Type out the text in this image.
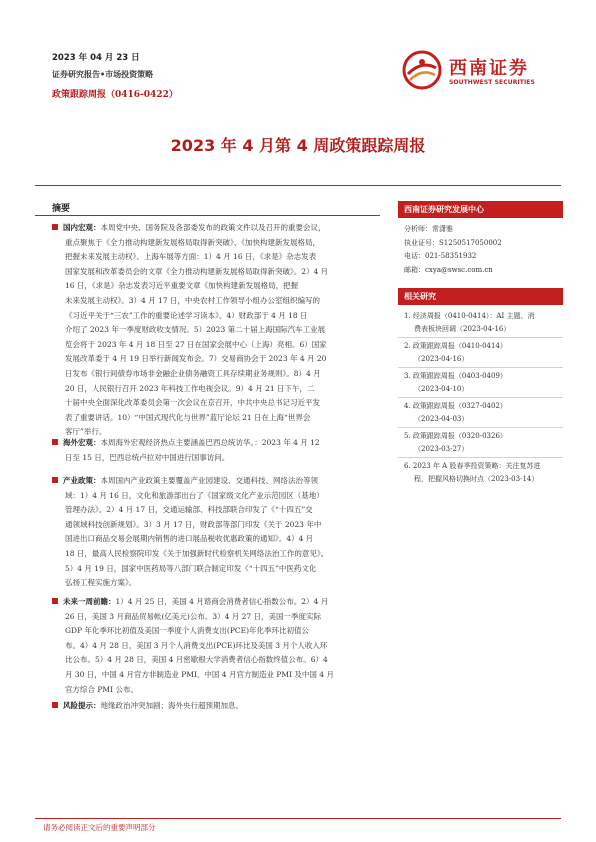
2023 年 04 月 23 日
证券研究报告•市场投资策略
政策跟踪周报（0416-0422）
西南证券
SOUTHWEST SECURITIES
2023 年 4 月第 4 周政策跟踪周报
摘要
国内宏观：本周党中央、国务院及各部委发布的政策文件以及召开的重要会议，
重点聚焦于《全力推动构建新发展格局取得新突破》、《加快构建新发展格局，
把握未来发展主动权》、上海车展等方面：1）4 月 16 日，《求是》杂志发表
国家发展和改革委员会的文章《全力推动构建新发展格局取得新突破》。2）4 月
16 日，《求是》杂志发表习近平重要文章《加快构建新发展格局，把握
未来发展主动权》。3）4 月 17 日，中央农村工作领导小组办公室组织编写的
《习近平关于“三农”工作的重要论述学习读本》。4）财政部于 4 月 18 日
介绍了 2023 年一季度财政收支情况。5）2023 第二十届上海国际汽车工业展
览会将于 2023 年 4 月 18 日至 27 日在国家会展中心（上海）亮相。6）国家
发展改革委于 4 月 19 日举行新闻发布会。7）交易商协会于 2023 年 4 月 20
日发布《银行间债券市场非金融企业债务融资工具存续期业务规则》。8）4 月
20 日，人民银行召开 2023 年科技工作电视会议。9）4 月 21 日下午，二
十届中央全面深化改革委员会第一次会议在京召开，中共中央总书记习近平发
表了重要讲话。10）“中国式现代化与世界”蓝厅论坛 21 日在上海“世界会
客厅”举行。
海外宏观：本周海外宏观经济热点主要涵盖巴西总统访华。：2023 年 4 月 12
日至 15 日，巴西总统卢拉对中国进行国事访问。
产业政策：本周国内产业政策主要覆盖产业园建设、交通科技、网络法治等领
域：1）4 月 16 日，文化和旅游部出台了《国家级文化产业示范园区（基地）
管理办法》。2）4 月 17 日，交通运输部、科技部联合印发了《“十四五”交
通领域科技创新规划》。3）3 月 17 日，财政部等部门印发《关于 2023 年中
国进出口商品交易会展期内销售的进口展品税收优惠政策的通知》。4）4 月
18 日，最高人民检察院印发《关于加强新时代检察机关网络法治工作的意见》。
5）4 月 19 日，国家中医药局等八部门联合制定印发《“十四五”中医药文化
弘扬工程实施方案》。
未来一周前瞻：1）4 月 25 日，美国 4 月谘商会消费者信心指数公布。2）4 月
26 日，美国 3 月商品贸易帐(亿美元)公布。3）4 月 27 日，美国一季度实际
GDP 年化季环比初值及美国一季度个人消费支出(PCE)年化季环比初值公
布。4）4 月 28 日，美国 3 月个人消费支出(PCE)环比及美国 3 月个人收入环
比公布。5）4 月 28 日，美国 4 月密歇根大学消费者信心指数终值公布。6）4
月 30 日，中国 4 月官方非制造业 PMI、中国 4 月官方制造业 PMI 及中国 4 月
官方综合 PMI 公布。
风险提示：地缘政治冲突加剧；海外央行超预期加息。
西南证券研究发展中心
分析师：常潇雅
执业证号：S1250517050002
电话：021-58351932
邮箱：cxya@swsc.com.cn
相关研究
1. 经济周报（0410-0414）：AI 主题、消
费表板块回调（2023-04-16）
2. 政策跟踪周报（0410-0414）
（2023-04-16）
3. 政策跟踪周报（0403-0409）
（2023-04-10）
4. 政策跟踪周报（0327-0402）
（2023-04-03）
5. 政策跟踪周报（0320-0326）
（2023-03-27）
6. 2023 年 A 股春季投资策略：关注复苏进
程，把握风格切换时点（2023-03-14）
请务必阅读正文后的重要声明部分
